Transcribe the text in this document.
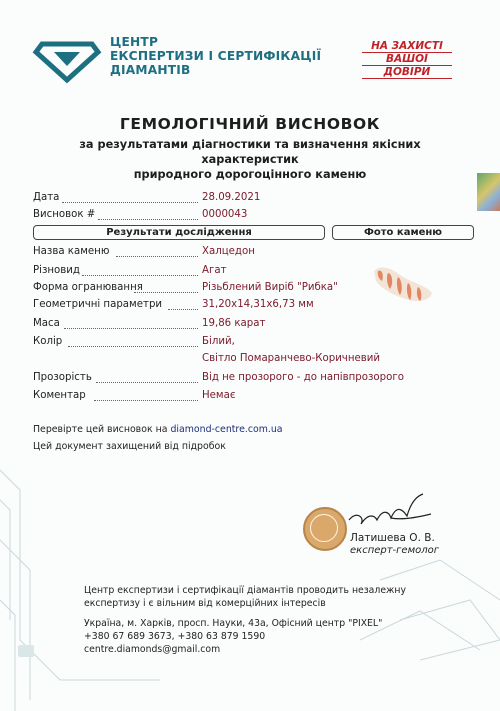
ЦЕНТР
ЕКСПЕРТИЗИ І СЕРТИФІКАЦІЇ
ДІАМАНТІВ
НА ЗАХИСТІ
ВАШОЇ
ДОВІРИ
ГЕМОЛОГІЧНИЙ ВИСНОВОК
за результатами діагностики та визначення якісних характеристик
природного дорогоцінного каменю
Дата	28.09.2021
Висновок #	0000043
Результати дослідження	Фото каменю
Назва каменю	Халцедон
Різновид	Агат
Форма огранювання	Різьблений Виріб "Рибка"
Геометричні параметри	31,20x14,31x6,73 мм
Маса	19,86 карат
Колір	Білий,
Світло Помаранчево-Коричневий
Прозорість	Від не прозорого - до напівпрозорого
Коментар	Немає
Перевірте цей висновок на diamond-centre.com.ua
Цей документ захищений від підробок
Латишева О. В.
експерт-гемолог
Центр експертизи і сертифікації діамантів проводить незалежну
експертизу і є вільним від комерційних інтересів
Україна, м. Харків, просп. Науки, 43а, Офісний центр "PIXEL"
+380 67 689 3673, +380 63 879 1590
centre.diamonds@gmail.com
